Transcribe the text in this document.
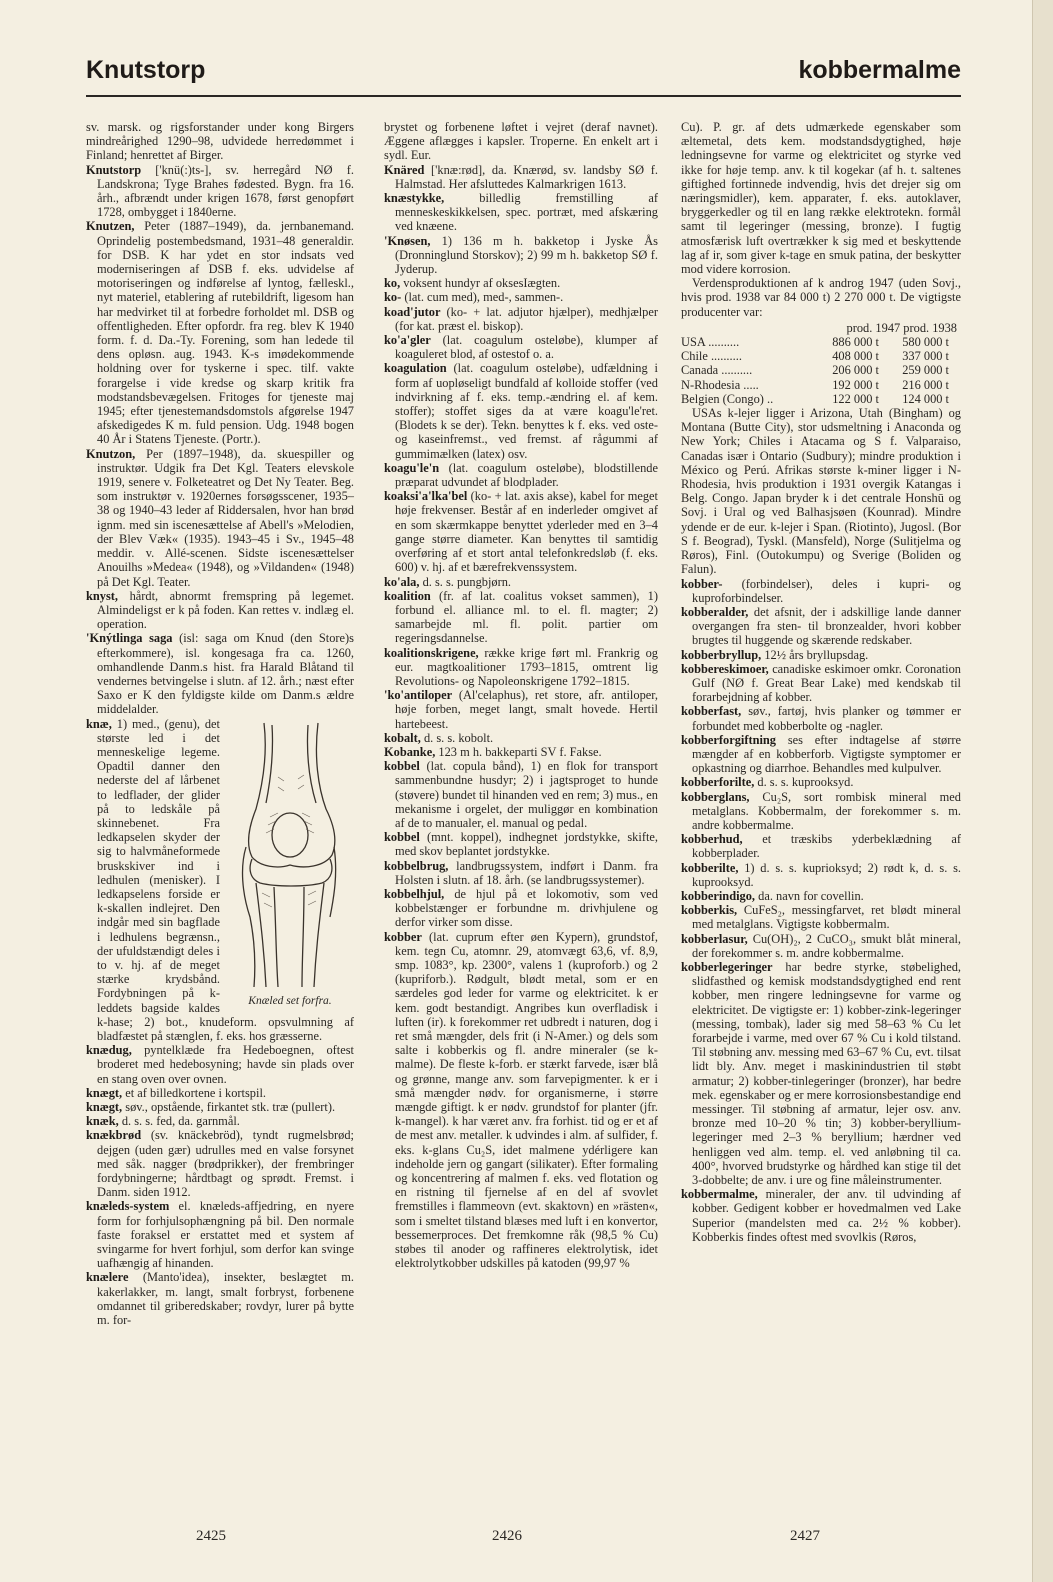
Knutstorp	kobbermalme

sv. marsk. og rigsforstander under kong Birgers mindreårighed 1290–98, udvidede herredømmet i Finland; henrettet af Birger.

Knutstorp ['knü(:)ts-], sv. herregård NØ f. Landskrona; Tyge Brahes fødested. Bygn. fra 16. årh., afbrændt under krigen 1678, først genopført 1728, ombygget i 1840erne.

Knutzen, Peter (1887–1949), da. jernbanemand. Oprindelig postembedsmand, 1931–48 generaldir. for DSB. K har ydet en stor indsats ved moderniseringen af DSB f. eks. udvidelse af motoriseringen og indførelse af lyntog, fælleskl., nyt materiel, etablering af rutebildrift, ligesom han har medvirket til at forbedre forholdet ml. DSB og offentligheden. Efter opfordr. fra reg. blev K 1940 form. f. d. Da.-Ty. Forening, som han ledede til dens opløsn. aug. 1943. K-s imødekommende holdning over for tyskerne i spec. tilf. vakte forargelse i vide kredse og skarp kritik fra modstandsbevægelsen. Fritoges for tjeneste maj 1945; efter tjenestemandsdomstols afgørelse 1947 afskedigedes K m. fuld pension. Udg. 1948 bogen 40 År i Statens Tjeneste. (Portr.).

Knutzon, Per (1897–1948), da. skuespiller og instruktør. Udgik fra Det Kgl. Teaters elevskole 1919, senere v. Folketeatret og Det Ny Teater. Beg. som instruktør v. 1920ernes forsøgsscener, 1935–38 og 1940–43 leder af Riddersalen, hvor han brød ignm. med sin iscenesættelse af Abell's »Melodien, der Blev Væk« (1935). 1943–45 i Sv., 1945–48 meddir. v. Allé-scenen. Sidste iscenesættelser Anouilhs »Medea« (1948), og »Vildanden« (1948) på Det Kgl. Teater.

knyst, hårdt, abnormt fremspring på legemet. Almindeligst er k på foden. Kan rettes v. indlæg el. operation.

'Knýtlinga saga (isl: saga om Knud (den Store)s efterkommere), isl. kongesaga fra ca. 1260, omhandlende Danm.s hist. fra Harald Blåtand til vendernes betvingelse i slutn. af 12. årh.; næst efter Saxo er K den fyldigste kilde om Danm.s ældre middelalder.

Knæled set forfra.

knæ, 1) med., (genu), det største led i det menneskelige legeme. Opadtil danner den nederste del af lårbenet to ledflader, der glider på to ledskåle på skinnebenet. Fra ledkapselen skyder der sig to halvmåneformede bruskskiver ind i ledhulen (menisker). I ledkapselens forside er k-skallen indlejret. Den indgår med sin bagflade i ledhulens begrænsn., der ufuldstændigt deles i to v. hj. af de meget stærke krydsbånd. Fordybningen på k-leddets bagside kaldes k-hase; 2) bot., knudeform. opsvulmning af bladfæstet på stænglen, f. eks. hos græsserne.

knædug, pyntelklæde fra Hedeboegnen, oftest broderet med hedebosyning; havde sin plads over en stang oven over ovnen.

knægt, et af billedkortene i kortspil.

knægt, søv., opstående, firkantet stk. træ (pullert).

knæk, d. s. s. fed, da. garnmål.

knækbrød (sv. knäckebröd), tyndt rugmelsbrød; dejgen (uden gær) udrulles med en valse forsynet med såk. nagger (brødprikker), der frembringer fordybningerne; hårdtbagt og sprødt. Fremst. i Danm. siden 1912.

knæleds-system el. knæleds-affjedring, en nyere form for forhjulsophængning på bil. Den normale faste foraksel er erstattet med et system af svingarme for hvert forhjul, som derfor kan svinge uafhængig af hinanden.

knælere (Manto'idea), insekter, beslægtet m. kakerlakker, m. langt, smalt forbryst, forbenene omdannet til griberedskaber; rovdyr, lurer på bytte m. for-

brystet og forbenene løftet i vejret (deraf navnet). Æggene aflægges i kapsler. Troperne. En enkelt art i sydl. Eur.

Knäred ['knæ:rød], da. Knærød, sv. landsby SØ f. Halmstad. Her afsluttedes Kalmarkrigen 1613.

knæstykke, billedlig fremstilling af menneskeskikkelsen, spec. portræt, med afskæring ved knæene.

'Knøsen, 1) 136 m h. bakketop i Jyske Ås (Dronninglund Storskov); 2) 99 m h. bakketop SØ f. Jyderup.

ko, voksent hundyr af oksesIægten.

ko- (lat. cum med), med-, sammen-.

koad'jutor (ko- + lat. adjutor hjælper), medhjælper (for kat. præst el. biskop).

ko'a'gler (lat. coagulum osteløbe), klumper af koaguleret blod, af ostestof o. a.

koagulation (lat. coagulum osteløbe), udfældning i form af uopløseligt bundfald af kolloide stoffer (ved indvirkning af f. eks. temp.-ændring el. af kem. stoffer); stoffet siges da at være koagu'le'ret. (Blodets k se der). Tekn. benyttes k f. eks. ved oste- og kaseinfremst., ved fremst. af rågummi af gummimælken (latex) osv.

koagu'le'n (lat. coagulum osteløbe), blodstillende præparat udvundet af blodplader.

koaksi'a'lka'bel (ko- + lat. axis akse), kabel for meget høje frekvenser. Består af en inderleder omgivet af en som skærmkappe benyttet yderleder med en 3–4 gange større diameter. Kan benyttes til samtidig overføring af et stort antal telefonkredsløb (f. eks. 600) v. hj. af et bærefrekvenssystem.

ko'ala, d. s. s. pungbjørn.

koalition (fr. af lat. coalitus vokset sammen), 1) forbund el. alliance ml. to el. fl. magter; 2) samarbejde ml. fl. polit. partier om regeringsdannelse.

koalitionskrigene, række krige ført ml. Frankrig og eur. magtkoalitioner 1793–1815, omtrent lig Revolutions- og Napoleonskrigene 1792–1815.

'ko'antiloper (Al'celaphus), ret store, afr. antiloper, høje forben, meget langt, smalt hovede. Hertil hartebeest.

kobalt, d. s. s. kobolt.

Kobanke, 123 m h. bakkeparti SV f. Fakse.

kobbel (lat. copula bånd), 1) en flok for transport sammenbundne husdyr; 2) i jagtsproget to hunde (støvere) bundet til hinanden ved en rem; 3) mus., en mekanisme i orgelet, der muliggør en kombination af de to manualer, el. manual og pedal.

kobbel (mnt. koppel), indhegnet jordstykke, skifte, med skov beplantet jordstykke.

kobbelbrug, landbrugssystem, indført i Danm. fra Holsten i slutn. af 18. årh. (se landbrugssystemer).

kobbelhjul, de hjul på et lokomotiv, som ved kobbelstænger er forbundne m. drivhjulene og derfor virker som disse.

kobber (lat. cuprum efter øen Kypern), grundstof, kem. tegn Cu, atomnr. 29, atomvægt 63,6, vf. 8,9, smp. 1083°, kp. 2300°, valens 1 (kuproforb.) og 2 (kupriforb.). Rødgult, blødt metal, som er en særdeles god leder for varme og elektricitet. k er kem. godt bestandigt. Angribes kun overfladisk i luften (ir). k forekommer ret udbredt i naturen, dog i ret små mængder, dels frit (i N-Amer.) og dels som salte i kobberkis og fl. andre mineraler (se k-malme). De fleste k-forb. er stærkt farvede, især blå og grønne, mange anv. som farvepigmenter. k er i små mængder nødv. for organismerne, i større mængde giftigt. k er nødv. grundstof for planter (jfr. k-mangel). k har været anv. fra forhist. tid og er et af de mest anv. metaller. k udvindes i alm. af sulfider, f. eks. k-glans Cu₂S, idet malmene ydérligere kan indeholde jern og gangart (silikater). Efter formaling og koncentrering af malmen f. eks. ved flotation og en ristning til fjernelse af en del af svovlet fremstilles i flammeovn (evt. skaktovn) en »rästen«, som i smeltet tilstand blæses med luft i en konvertor, bessemerproces. Det fremkomne råk (98,5 % Cu) støbes til anoder og raffineres elektrolytisk, idet elektrolytkobber udskilles på katoden (99,97 %

Cu). P. gr. af dets udmærkede egenskaber som æltemetal, dets kem. modstandsdygtighed, høje ledningsevne for varme og elektricitet og styrke ved ikke for høje temp. anv. k til kogekar (af h. t. saltenes giftighed fortinnede indvendig, hvis det drejer sig om næringsmidler), kem. apparater, f. eks. autoklaver, bryggerkedler og til en lang række elektrotekn. formål samt til legeringer (messing, bronze). I fugtig atmosfærisk luft overtrækker k sig med et beskyttende lag af ir, som giver k-tage en smuk patina, der beskytter mod videre korrosion.

Verdensproduktionen af k androg 1947 (uden Sovj., hvis prod. 1938 var 84 000 t) 2 270 000 t. De vigtigste producenter var:

prod. 1947 prod. 1938

USA ..........	886 000 t	580 000 t
Chile ..........	408 000 t	337 000 t
Canada ..........	206 000 t	259 000 t
N-Rhodesia .....	192 000 t	216 000 t
Belgien (Congo) ..	122 000 t	124 000 t

USAs k-lejer ligger i Arizona, Utah (Bingham) og Montana (Butte City), stor udsmeltning i Anaconda og New York; Chiles i Atacama og S f. Valparaiso, Canadas især i Ontario (Sudbury); mindre produktion i México og Perú. Afrikas største k-miner ligger i N-Rhodesia, hvis produktion i 1931 overgik Katangas i Belg. Congo. Japan bryder k i det centrale Honshū og Sovj. i Ural og ved Balhasjsøen (Kounrad). Mindre ydende er de eur. k-lejer i Span. (Riotinto), Jugosl. (Bor S f. Beograd), Tyskl. (Mansfeld), Norge (Sulitjelma og Røros), Finl. (Outokumpu) og Sverige (Boliden og Falun).

kobber- (forbindelser), deles i kupri- og kuproforbindelser.

kobberalder, det afsnit, der i adskillige lande danner overgangen fra sten- til bronzealder, hvori kobber brugtes til huggende og skærende redskaber.

kobberbryllup, 12½ års bryllupsdag.

kobbereskimoer, canadiske eskimoer omkr. Coronation Gulf (NØ f. Great Bear Lake) med kendskab til forarbejdning af kobber.

kobberfast, søv., fartøj, hvis planker og tømmer er forbundet med kobberbolte og -nagler.

kobberforgiftning ses efter indtagelse af større mængder af en kobberforb. Vigtigste symptomer er opkastning og diarrhoe. Behandles med kulpulver.

kobberforilte, d. s. s. kuprooksyd.

kobberglans, Cu₂S, sort rombisk mineral med metalglans. Kobbermalm, der forekommer s. m. andre kobbermalme.

kobberhud, et træskibs yderbeklædning af kobberplader.

kobberilte, 1) d. s. s. kuprioksyd; 2) rødt k, d. s. s. kuprooksyd.

kobberindigo, da. navn for covellin.

kobberkis, CuFeS₂, messingfarvet, ret blødt mineral med metalglans. Vigtigste kobbermalm.

kobberlasur, Cu(OH)₂, 2 CuCO₃, smukt blåt mineral, der forekommer s. m. andre kobbermalme.

kobberlegeringer har bedre styrke, støbelighed, slidfasthed og kemisk modstandsdygtighed end rent kobber, men ringere ledningsevne for varme og elektricitet. De vigtigste er: 1) kobber-zink-legeringer (messing, tombak), lader sig med 58–63 % Cu let forarbejde i varme, med over 67 % Cu i kold tilstand. Til støbning anv. messing med 63–67 % Cu, evt. tilsat lidt bly. Anv. meget i maskinindustrien til støbt armatur; 2) kobber-tinlegeringer (bronzer), har bedre mek. egenskaber og er mere korrosionsbestandige end messinger. Til støbning af armatur, lejer osv. anv. bronze med 10–20 % tin; 3) kobber-beryllium-legeringer med 2–3 % beryllium; hærdner ved henliggen ved alm. temp. el. ved anløbning til ca. 400°, hvorved brudstyrke og hårdhed kan stige til det 3-dobbelte; de anv. i ure og fine måleinstrumenter.

kobbermalme, mineraler, der anv. til udvinding af kobber. Gedigent kobber er hovedmalmen ved Lake Superior (mandelsten med ca. 2½ % kobber). Kobberkis findes oftest med svovlkis (Røros,

2425	2426	2427
